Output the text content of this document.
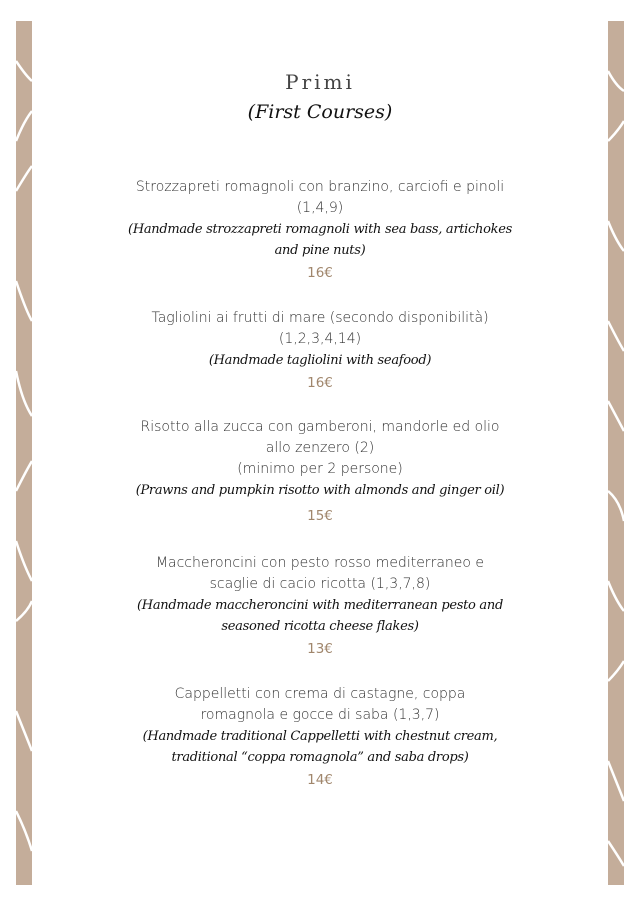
Primi
(First Courses)
Strozzapreti romagnoli con branzino, carciofi e pinoli
(1,4,9)
(Handmade strozzapreti romagnoli with sea bass, artichokes
and pine nuts)
16€
Tagliolini ai frutti di mare (secondo disponibilità)
(1,2,3,4,14)
(Handmade tagliolini with seafood)
16€
Risotto alla zucca con gamberoni, mandorle ed olio
allo zenzero (2)
(minimo per 2 persone)
(Prawns and pumpkin risotto with almonds and ginger oil)
15€
Maccheroncini con pesto rosso mediterraneo e
scaglie di cacio ricotta (1,3,7,8)
(Handmade maccheroncini with mediterranean pesto and
seasoned ricotta cheese flakes)
13€
Cappelletti con crema di castagne, coppa
romagnola e gocce di saba (1,3,7)
(Handmade traditional Cappelletti with chestnut cream,
traditional “coppa romagnola” and saba drops)
14€
